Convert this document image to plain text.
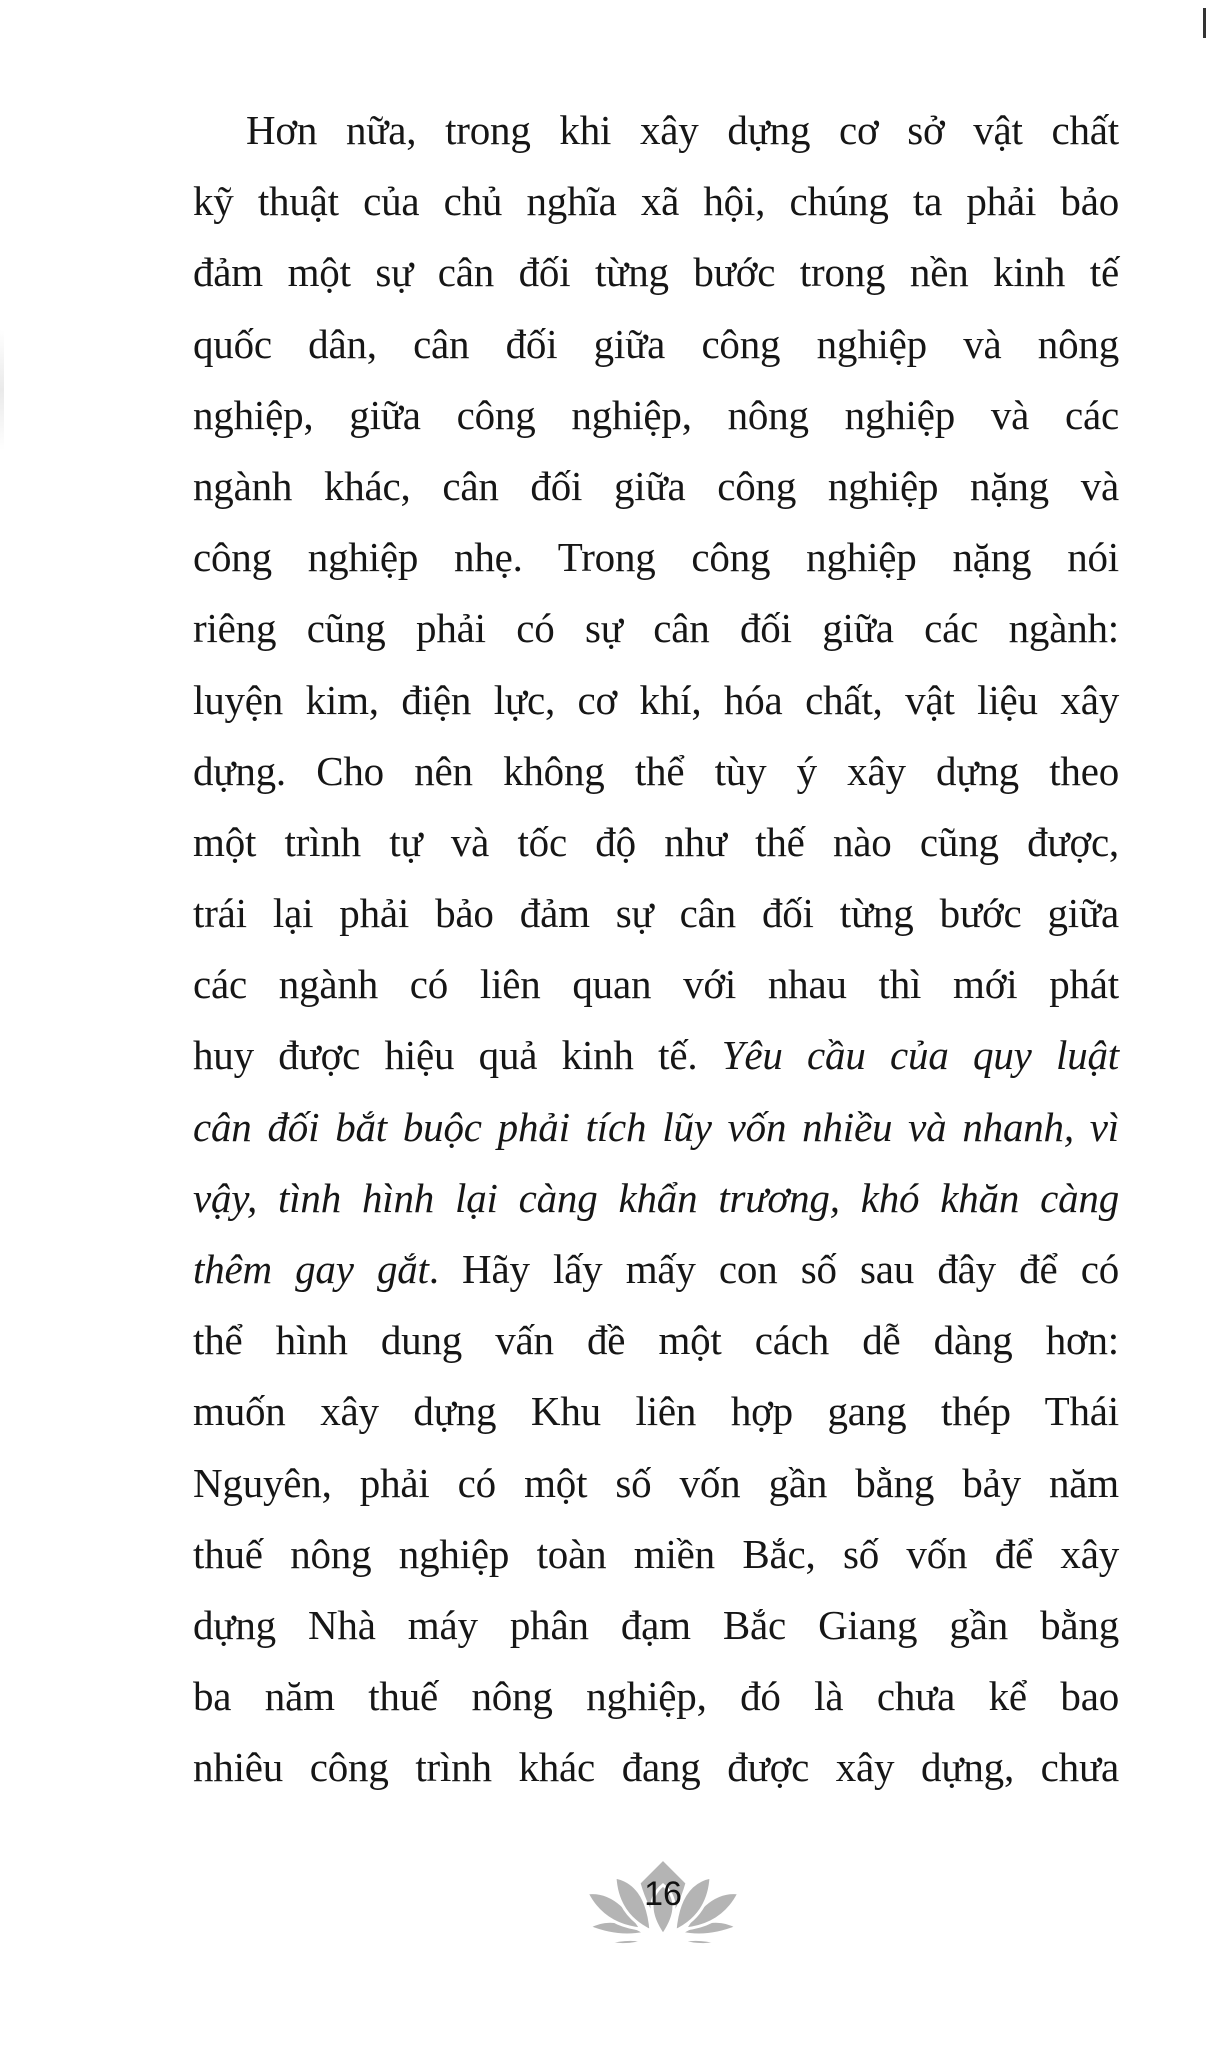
Hơn nữa, trong khi xây dựng cơ sở vật chất
kỹ thuật của chủ nghĩa xã hội, chúng ta phải bảo
đảm một sự cân đối từng bước trong nền kinh tế
quốc dân, cân đối giữa công nghiệp và nông
nghiệp, giữa công nghiệp, nông nghiệp và các
ngành khác, cân đối giữa công nghiệp nặng và
công nghiệp nhẹ. Trong công nghiệp nặng nói
riêng cũng phải có sự cân đối giữa các ngành:
luyện kim, điện lực, cơ khí, hóa chất, vật liệu xây
dựng. Cho nên không thể tùy ý xây dựng theo
một trình tự và tốc độ như thế nào cũng được,
trái lại phải bảo đảm sự cân đối từng bước giữa
các ngành có liên quan với nhau thì mới phát
huy được hiệu quả kinh tế. Yêu cầu của quy luật
cân đối bắt buộc phải tích lũy vốn nhiều và nhanh, vì
vậy, tình hình lại càng khẩn trương, khó khăn càng
thêm gay gắt. Hãy lấy mấy con số sau đây để có
thể hình dung vấn đề một cách dễ dàng hơn:
muốn xây dựng Khu liên hợp gang thép Thái
Nguyên, phải có một số vốn gần bằng bảy năm
thuế nông nghiệp toàn miền Bắc, số vốn để xây
dựng Nhà máy phân đạm Bắc Giang gần bằng
ba năm thuế nông nghiệp, đó là chưa kể bao
nhiêu công trình khác đang được xây dựng, chưa
16
